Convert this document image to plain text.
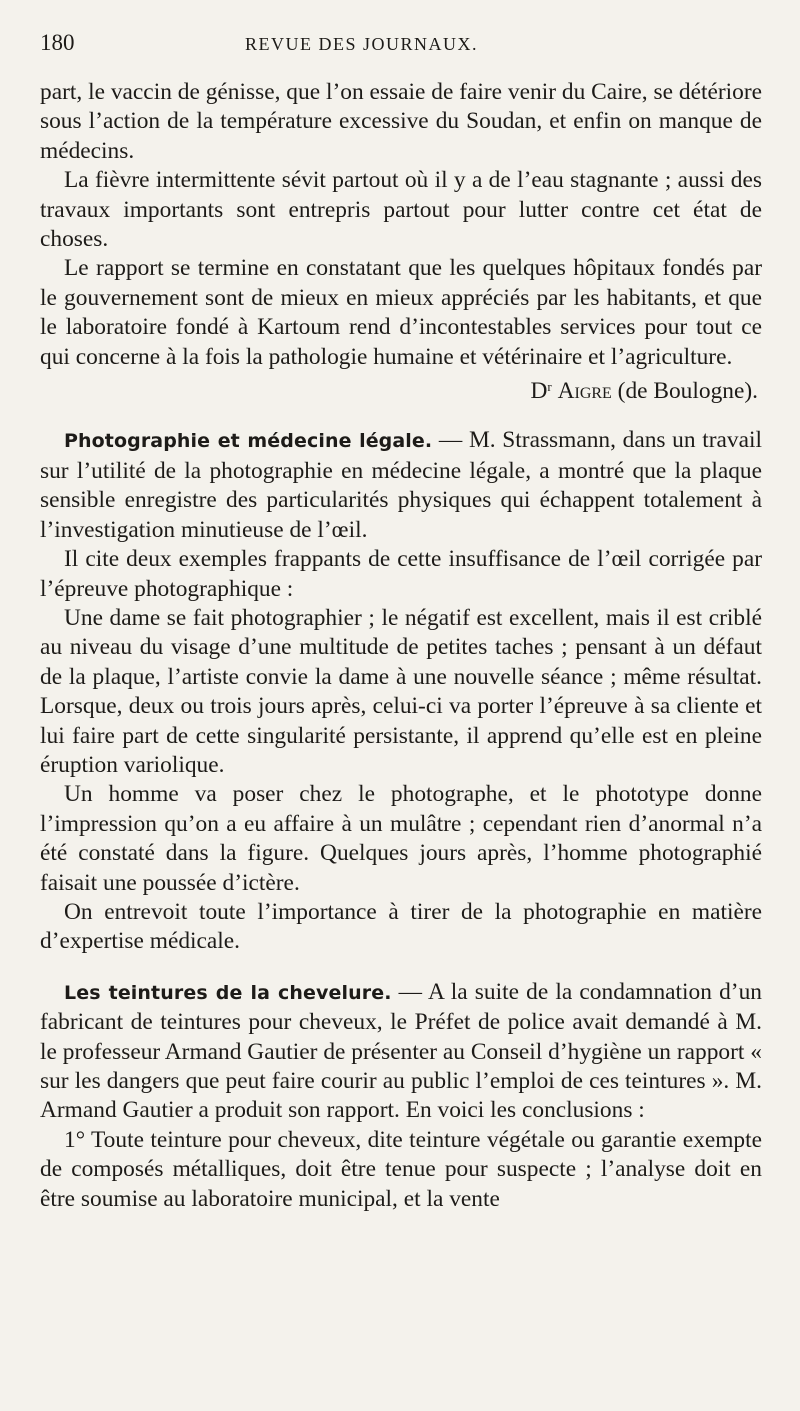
180	REVUE DES JOURNAUX.

part, le vaccin de génisse, que l’on essaie de faire venir du Caire, se détériore sous l’action de la température excessive du Soudan, et enfin on manque de médecins.

La fièvre intermittente sévit partout où il y a de l’eau stagnante ; aussi des travaux importants sont entrepris partout pour lutter contre cet état de choses.

Le rapport se termine en constatant que les quelques hôpitaux fondés par le gouvernement sont de mieux en mieux appréciés par les habitants, et que le laboratoire fondé à Kartoum rend d’incontestables services pour tout ce qui concerne à la fois la pathologie humaine et vétérinaire et l’agriculture.

$D^r$ Aigre (de Boulogne).

Photographie et médecine légale. — M. Strassmann, dans un travail sur l’utilité de la photographie en médecine légale, a montré que la plaque sensible enregistre des particularités physiques qui échappent totalement à l’investigation minutieuse de l’œil.

Il cite deux exemples frappants de cette insuffisance de l’œil corrigée par l’épreuve photographique :

Une dame se fait photographier ; le négatif est excellent, mais il est criblé au niveau du visage d’une multitude de petites taches ; pensant à un défaut de la plaque, l’artiste convie la dame à une nouvelle séance ; même résultat. Lorsque, deux ou trois jours après, celui-ci va porter l’épreuve à sa cliente et lui faire part de cette singularité persistante, il apprend qu’elle est en pleine éruption variolique.

Un homme va poser chez le photographe, et le phototype donne l’impression qu’on a eu affaire à un mulâtre ; cependant rien d’anormal n’a été constaté dans la figure. Quelques jours après, l’homme photographié faisait une poussée d’ictère.

On entrevoit toute l’importance à tirer de la photographie en matière d’expertise médicale.

Les teintures de la chevelure. — A la suite de la condamnation d’un fabricant de teintures pour cheveux, le Préfet de police avait demandé à M. le professeur Armand Gautier de présenter au Conseil d’hygiène un rapport « sur les dangers que peut faire courir au public l’emploi de ces teintures ». M. Armand Gautier a produit son rapport. En voici les conclusions :

1° Toute teinture pour cheveux, dite teinture végétale ou garantie exempte de composés métalliques, doit être tenue pour suspecte ; l’analyse doit en être soumise au laboratoire municipal, et la vente
